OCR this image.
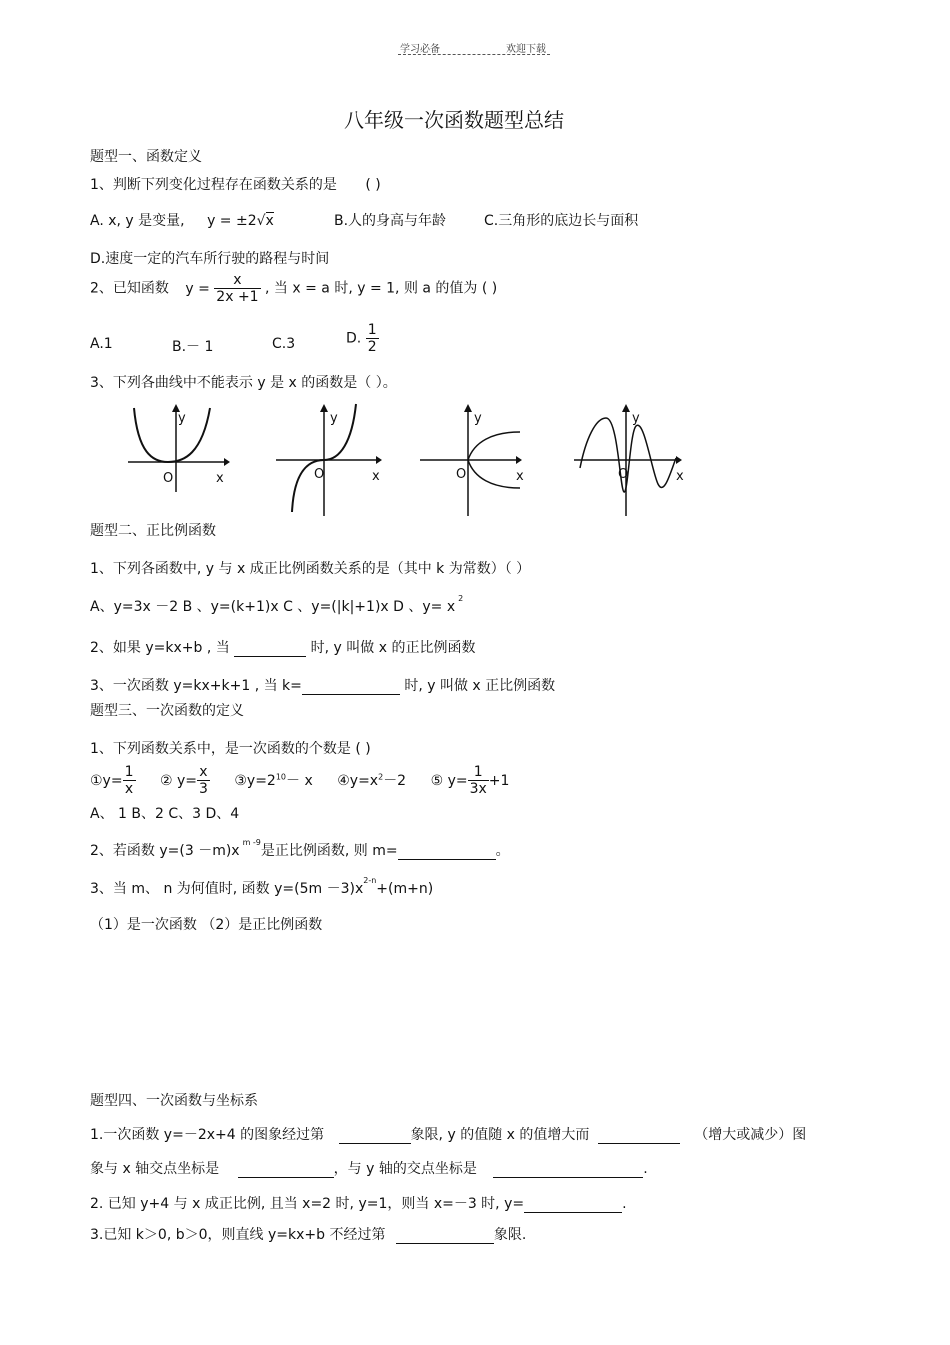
学习必备	欢迎下载
八年级一次函数题型总结
题型一、函数定义
1、判断下列变化过程存在函数关系的是 ( )
A. x, y 是变量, y = ±2√x	B.人的身高与年龄	C.三角形的底边长与面积
D.速度一定的汽车所行驶的路程与时间
2、已知函数 $y = \frac{x}{2x +1}$ , 当 x = a 时, y = 1, 则 a 的值为 ( )
A.1	B.－ 1	C.3	D. $\frac{1}{2}$
3、下列各曲线中不能表示 y 是 x 的函数是（ ）。
y
O	x
y
O	x
y
O	x
y
O	x
题型二、正比例函数
1、下列各函数中, y 与 x 成正比例函数关系的是（其中 k 为常数）（ ）
A、y=3x －2 B 、y=(k+1)x C 、y=(|k|+1)x D 、$y= x^2$
2、如果 y=kx+b , 当	时, y 叫做 x 的正比例函数
3、一次函数 y=kx+k+1 , 当 k=	时, y 叫做 x 正比例函数
题型三、一次函数的定义
1、下列函数关系中，是一次函数的个数是 ( )
①y= $\frac{1}{x}$ ② $y= \frac{x}{3}$ $③y=2^{10}- x$ $④y=x^2-2$ ⑤ $y= \frac{1}{3x} +1$
A、 1 B、2 C、3 D、4
2、若函数 $y=(3 -m)x^{m -9}$是正比例函数, 则 m=	。
3、当 m、 n 为何值时, 函数 $y=(5m -3)x^{2-n}+(m+n)$
（1）是一次函数 （2）是正比例函数
题型四、一次函数与坐标系
1.一次函数 y=－2x+4 的图象经过第	象限, y 的值随 x 的值增大而	（增大或减少）图
象与 x 轴交点坐标是	，与 y 轴的交点坐标是	.
2. 已知 y+4 与 x 成正比例, 且当 x=2 时, y=1，则当 x=－3 时, y=	.
3.已知 k＞0, b＞0，则直线 y=kx+b 不经过第	象限.
